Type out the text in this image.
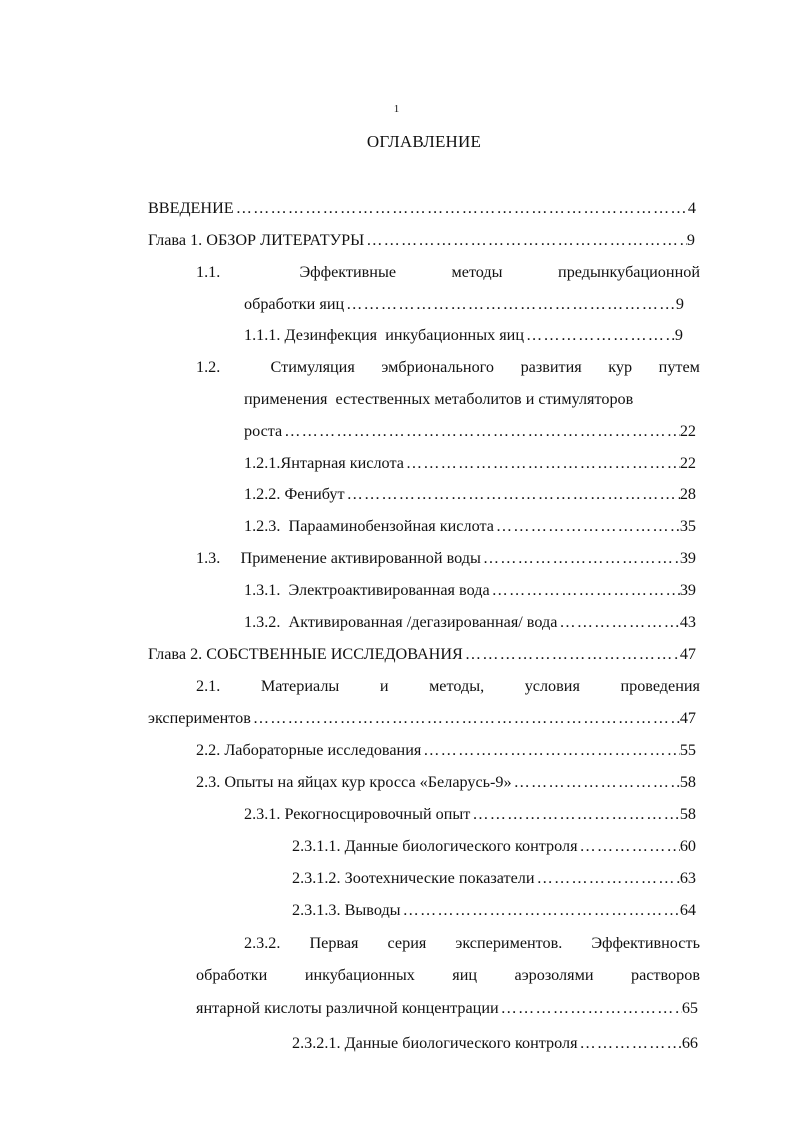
1
ОГЛАВЛЕНИЕ
ВВЕДЕНИЕ ……………………………………………………………………………………………………………………………………………………………………	4
Глава 1. ОБЗОР ЛИТЕРАТУРЫ ……………………………………………………………………………………………………………………………………………………………………	9
1.1.	Эффективные	методы	предынкубационной
обработки яиц ……………………………………………………………………………………………………………………………………………………………………	9
1.1.1. Дезинфекция  инкубационных яиц ……………………………………………………………………………………………………………………………………………………………………	9
1.2.	Стимуляция эмбрионального развития кур путем
применения  естественных метаболитов и стимуляторов
роста ……………………………………………………………………………………………………………………………………………………………………	22
1.2.1.Янтарная кислота ……………………………………………………………………………………………………………………………………………………………………	22
1.2.2. Фенибут ……………………………………………………………………………………………………………………………………………………………………	28
1.2.3.  Парааминобензойная кислота ……………………………………………………………………………………………………………………………………………………………………	35
1.3.     Применение активированной воды ……………………………………………………………………………………………………………………………………………………………………	39
1.3.1.  Электроактивированная вода ……………………………………………………………………………………………………………………………………………………………………	39
1.3.2.  Активированная /дегазированная/ вода ……………………………………………………………………………………………………………………………………………………………………	43
Глава 2. СОБСТВЕННЫЕ ИССЛЕДОВАНИЯ ……………………………………………………………………………………………………………………………………………………………………	47
2.1.	Материалы	и	методы,	условия	проведения
экспериментов ……………………………………………………………………………………………………………………………………………………………………	47
2.2. Лабораторные исследования ……………………………………………………………………………………………………………………………………………………………………	55
2.3. Опыты на яйцах кур кросса «Беларусь-9» ……………………………………………………………………………………………………………………………………………………………………	58
2.3.1. Рекогносцировочный опыт ……………………………………………………………………………………………………………………………………………………………………	58
2.3.1.1. Данные биологического контроля ……………………………………………………………………………………………………………………………………………………………………	60
2.3.1.2. Зоотехнические показатели ……………………………………………………………………………………………………………………………………………………………………	63
2.3.1.3. Выводы ……………………………………………………………………………………………………………………………………………………………………	64
2.3.2. Первая серия экспериментов. Эффективность
обработки инкубационных яиц аэрозолями растворов
янтарной кислоты различной концентрации ……………………………………………………………………………………………………………………………………………………………………	65
2.3.2.1. Данные биологического контроля ……………………………………………………………………………………………………………………………………………………………………	66
